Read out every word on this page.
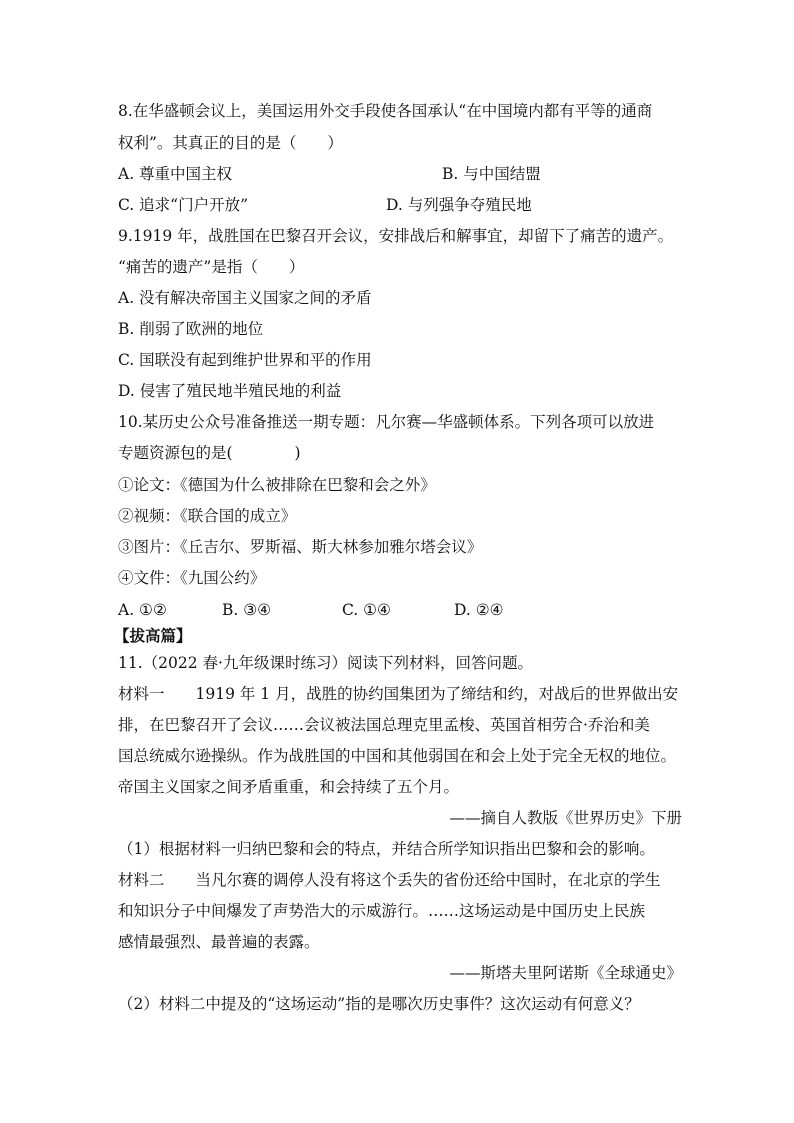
8.在华盛顿会议上，美国运用外交手段使各国承认“在中国境内都有平等的通商
权利”。其真正的目的是（　　）
A. 尊重中国主权	B. 与中国结盟
C. 追求“门户开放”	D. 与列强争夺殖民地
9.1919 年，战胜国在巴黎召开会议，安排战后和解事宜，却留下了痛苦的遗产。
“痛苦的遗产”是指（　　）
A. 没有解决帝国主义国家之间的矛盾
B. 削弱了欧洲的地位
C. 国联没有起到维护世界和平的作用
D. 侵害了殖民地半殖民地的利益
10.某历史公众号准备推送一期专题：凡尔赛—华盛顿体系。下列各项可以放进
专题资源包的是(　　　　)
①论文：《德国为什么被排除在巴黎和会之外》
②视频：《联合国的成立》
③图片：《丘吉尔、罗斯福、斯大林参加雅尔塔会议》
④文件：《九国公约》
A. ①②	B. ③④	C. ①④	D. ②④
【拔高篇】
11.（2022 春·九年级课时练习）阅读下列材料，回答问题。
材料一　　1919 年 1 月，战胜的协约国集团为了缔结和约，对战后的世界做出安
排，在巴黎召开了会议……会议被法国总理克里孟梭、英国首相劳合·乔治和美
国总统威尔逊操纵。作为战胜国的中国和其他弱国在和会上处于完全无权的地位。
帝国主义国家之间矛盾重重，和会持续了五个月。
——摘自人教版《世界历史》下册
（1）根据材料一归纳巴黎和会的特点，并结合所学知识指出巴黎和会的影响。
材料二　　当凡尔赛的调停人没有将这个丢失的省份还给中国时，在北京的学生
和知识分子中间爆发了声势浩大的示威游行。……这场运动是中国历史上民族
感情最强烈、最普遍的表露。
——斯塔夫里阿诺斯《全球通史》
（2）材料二中提及的“这场运动”指的是哪次历史事件？这次运动有何意义？
